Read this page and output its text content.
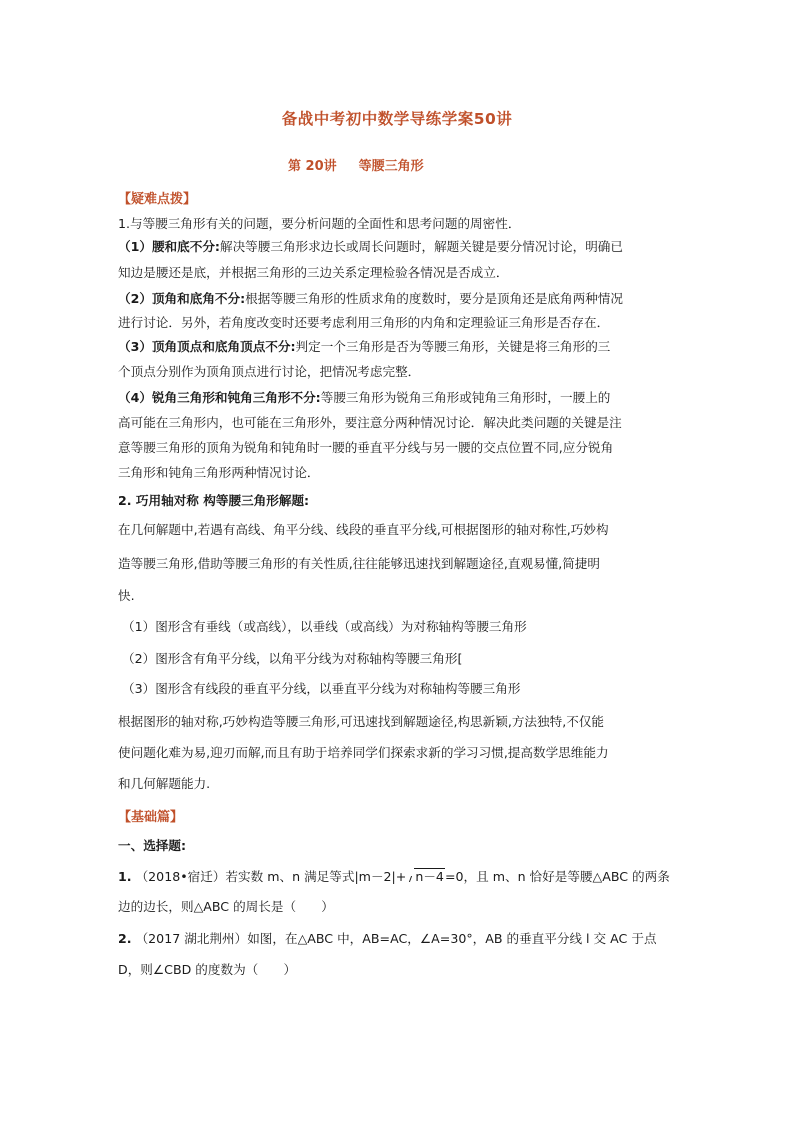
备战中考初中数学导练学案50讲
第 20讲 等腰三角形
【疑难点拨】
1.与等腰三角形有关的问题，要分析问题的全面性和思考问题的周密性．
（1）腰和底不分:解决等腰三角形求边长或周长问题时，解题关键是要分情况讨论，明确已
知边是腰还是底，并根据三角形的三边关系定理检验各情况是否成立．
（2）顶角和底角不分:根据等腰三角形的性质求角的度数时，要分是顶角还是底角两种情况
进行讨论．另外，若角度改变时还要考虑利用三角形的内角和定理验证三角形是否存在．
（3）顶角顶点和底角顶点不分:判定一个三角形是否为等腰三角形，关键是将三角形的三
个顶点分别作为顶角顶点进行讨论，把情况考虑完整．
（4）锐角三角形和钝角三角形不分:等腰三角形为锐角三角形或钝角三角形时，一腰上的
高可能在三角形内，也可能在三角形外，要注意分两种情况讨论．解决此类问题的关键是注
意等腰三角形的顶角为锐角和钝角时一腰的垂直平分线与另一腰的交点位置不同,应分锐角
三角形和钝角三角形两种情况讨论．
2. 巧用轴对称 构等腰三角形解题:
在几何解题中,若遇有高线、角平分线、线段的垂直平分线,可根据图形的轴对称性,巧妙构
造等腰三角形,借助等腰三角形的有关性质,往往能够迅速找到解题途径,直观易懂,简捷明
快.
（1）图形含有垂线（或高线），以垂线（或高线）为对称轴构等腰三角形
（2）图形含有角平分线，以角平分线为对称轴构等腰三角形[
（3）图形含有线段的垂直平分线，以垂直平分线为对称轴构等腰三角形
根据图形的轴对称,巧妙构造等腰三角形,可迅速找到解题途径,构思新颖,方法独特,不仅能
使问题化难为易,迎刃而解,而且有助于培养同学们探索求新的学习习惯,提高数学思维能力
和几何解题能力.
【基础篇】
一、选择题:
1. （2018•宿迁）若实数 m、n 满足等式|m－2|+ n－4=0，且 m、n 恰好是等腰△ABC 的两条
边的边长，则△ABC 的周长是（　　）
2. （2017 湖北荆州）如图，在△ABC 中，AB=AC，∠A=30°，AB 的垂直平分线 l 交 AC 于点
D，则∠CBD 的度数为（　　）
